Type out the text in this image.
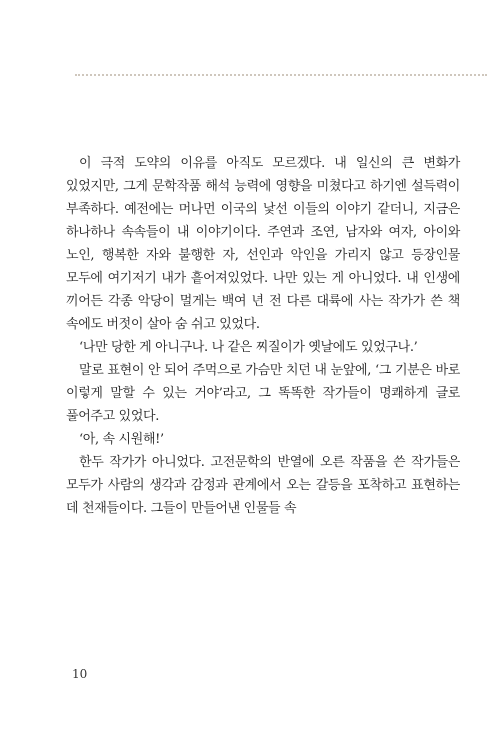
이 극적 도약의 이유를 아직도 모르겠다. 내 일신의 큰 변화가 있었지만, 그게 문학작품 해석 능력에 영향을 미쳤다고 하기엔 설득력이 부족하다. 예전에는 머나먼 이국의 낯선 이들의 이야기 같더니, 지금은 하나하나 속속들이 내 이야기이다. 주연과 조연, 남자와 여자, 아이와 노인, 행복한 자와 불행한 자, 선인과 악인을 가리지 않고 등장인물 모두에 여기저기 내가 흩어져있었다. 나만 있는 게 아니었다. 내 인생에 끼어든 각종 악당이 멀게는 백여 년 전 다른 대륙에 사는 작가가 쓴 책 속에도 버젓이 살아 숨 쉬고 있었다.

‘나만 당한 게 아니구나. 나 같은 찌질이가 옛날에도 있었구나.’

말로 표현이 안 되어 주먹으로 가슴만 치던 내 눈앞에, ‘그 기분은 바로 이렇게 말할 수 있는 거야’라고, 그 똑똑한 작가들이 명쾌하게 글로 풀어주고 있었다.

‘아, 속 시원해!’

한두 작가가 아니었다. 고전문학의 반열에 오른 작품을 쓴 작가들은 모두가 사람의 생각과 감정과 관계에서 오는 갈등을 포착하고 표현하는 데 천재들이다. 그들이 만들어낸 인물들 속

10
